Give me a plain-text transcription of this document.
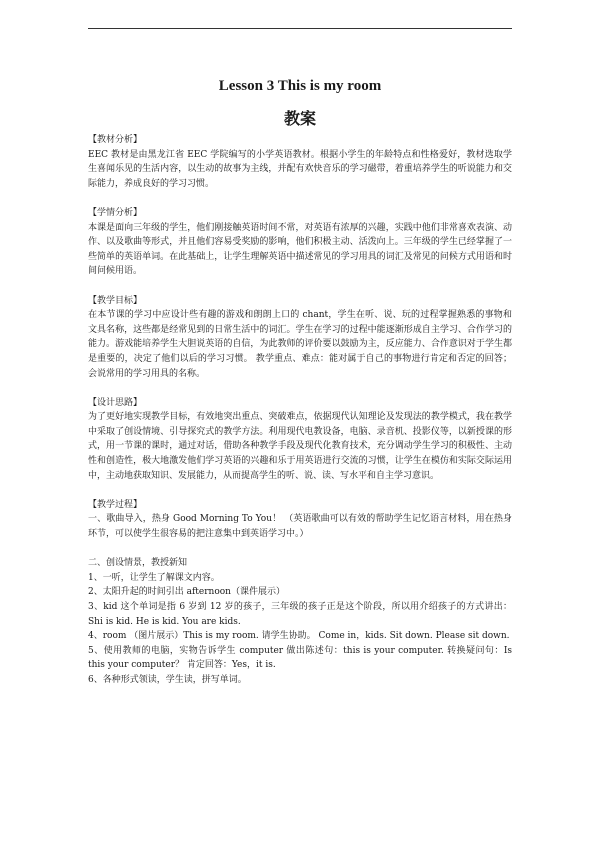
Lesson 3 This is my room
教案

【教材分析】

EEC 教材是由黑龙江省 EEC 学院编写的小学英语教材。根据小学生的年龄特点和性格爱好，教材选取学生喜闻乐见的生活内容，以生动的故事为主线，并配有欢快音乐的学习磁带，着重培养学生的听说能力和交际能力，养成良好的学习习惯。

【学情分析】

本课是面向三年级的学生，他们刚接触英语时间不常，对英语有浓厚的兴趣，实践中他们非常喜欢表演、动作、以及歌曲等形式，并且他们容易受奖励的影响，他们积极主动、活泼向上。三年级的学生已经掌握了一些简单的英语单词。在此基础上，让学生理解英语中描述常见的学习用具的词汇及常见的问候方式用语和时间问候用语。

【教学目标】

在本节课的学习中应设计些有趣的游戏和朗朗上口的 chant，学生在听、说、玩的过程掌握熟悉的事物和文具名称，这些都是经常见到的日常生活中的词汇。学生在学习的过程中能逐渐形成自主学习、合作学习的能力。游戏能培养学生大胆说英语的自信，为此教师的评价要以鼓励为主，反应能力、合作意识对于学生都是重要的，决定了他们以后的学习习惯。 教学重点、难点：能对属于自己的事物进行肯定和否定的回答；会说常用的学习用具的名称。

【设计思路】

为了更好地实现教学目标，有效地突出重点、突破难点，依据现代认知理论及发现法的教学模式，我在教学中采取了创设情境、引导探究式的教学方法。利用现代电教设备，电脑、录音机、投影仪等，以新授课的形式，用一节课的课时，通过对话，借助各种教学手段及现代化教育技术，充分调动学生学习的积极性、主动性和创造性，极大地激发他们学习英语的兴趣和乐于用英语进行交流的习惯，让学生在模仿和实际交际运用中，主动地获取知识、发展能力，从而提高学生的听、说、读、写水平和自主学习意识。

【教学过程】

一、歌曲导入，热身 Good Morning To You！ （英语歌曲可以有效的帮助学生记忆语言材料，用在热身环节，可以使学生很容易的把注意集中到英语学习中。）

二、创设情景，教授新知

1、一听，让学生了解课文内容。

2、太阳升起的时间引出 afternoon（课件展示）

3、kid 这个单词是指 6 岁到 12 岁的孩子，三年级的孩子正是这个阶段，所以用介绍孩子的方式讲出：Shi is kid. He is kid. You are kids.

4、room （图片展示）This is my room. 请学生协助。 Come in，kids. Sit down. Please sit down.

5、使用教师的电脑，实物告诉学生 computer 做出陈述句：this is your computer. 转换疑问句：Is this your computer？ 肯定回答：Yes，it is.

6、各种形式领读，学生读，拼写单词。
